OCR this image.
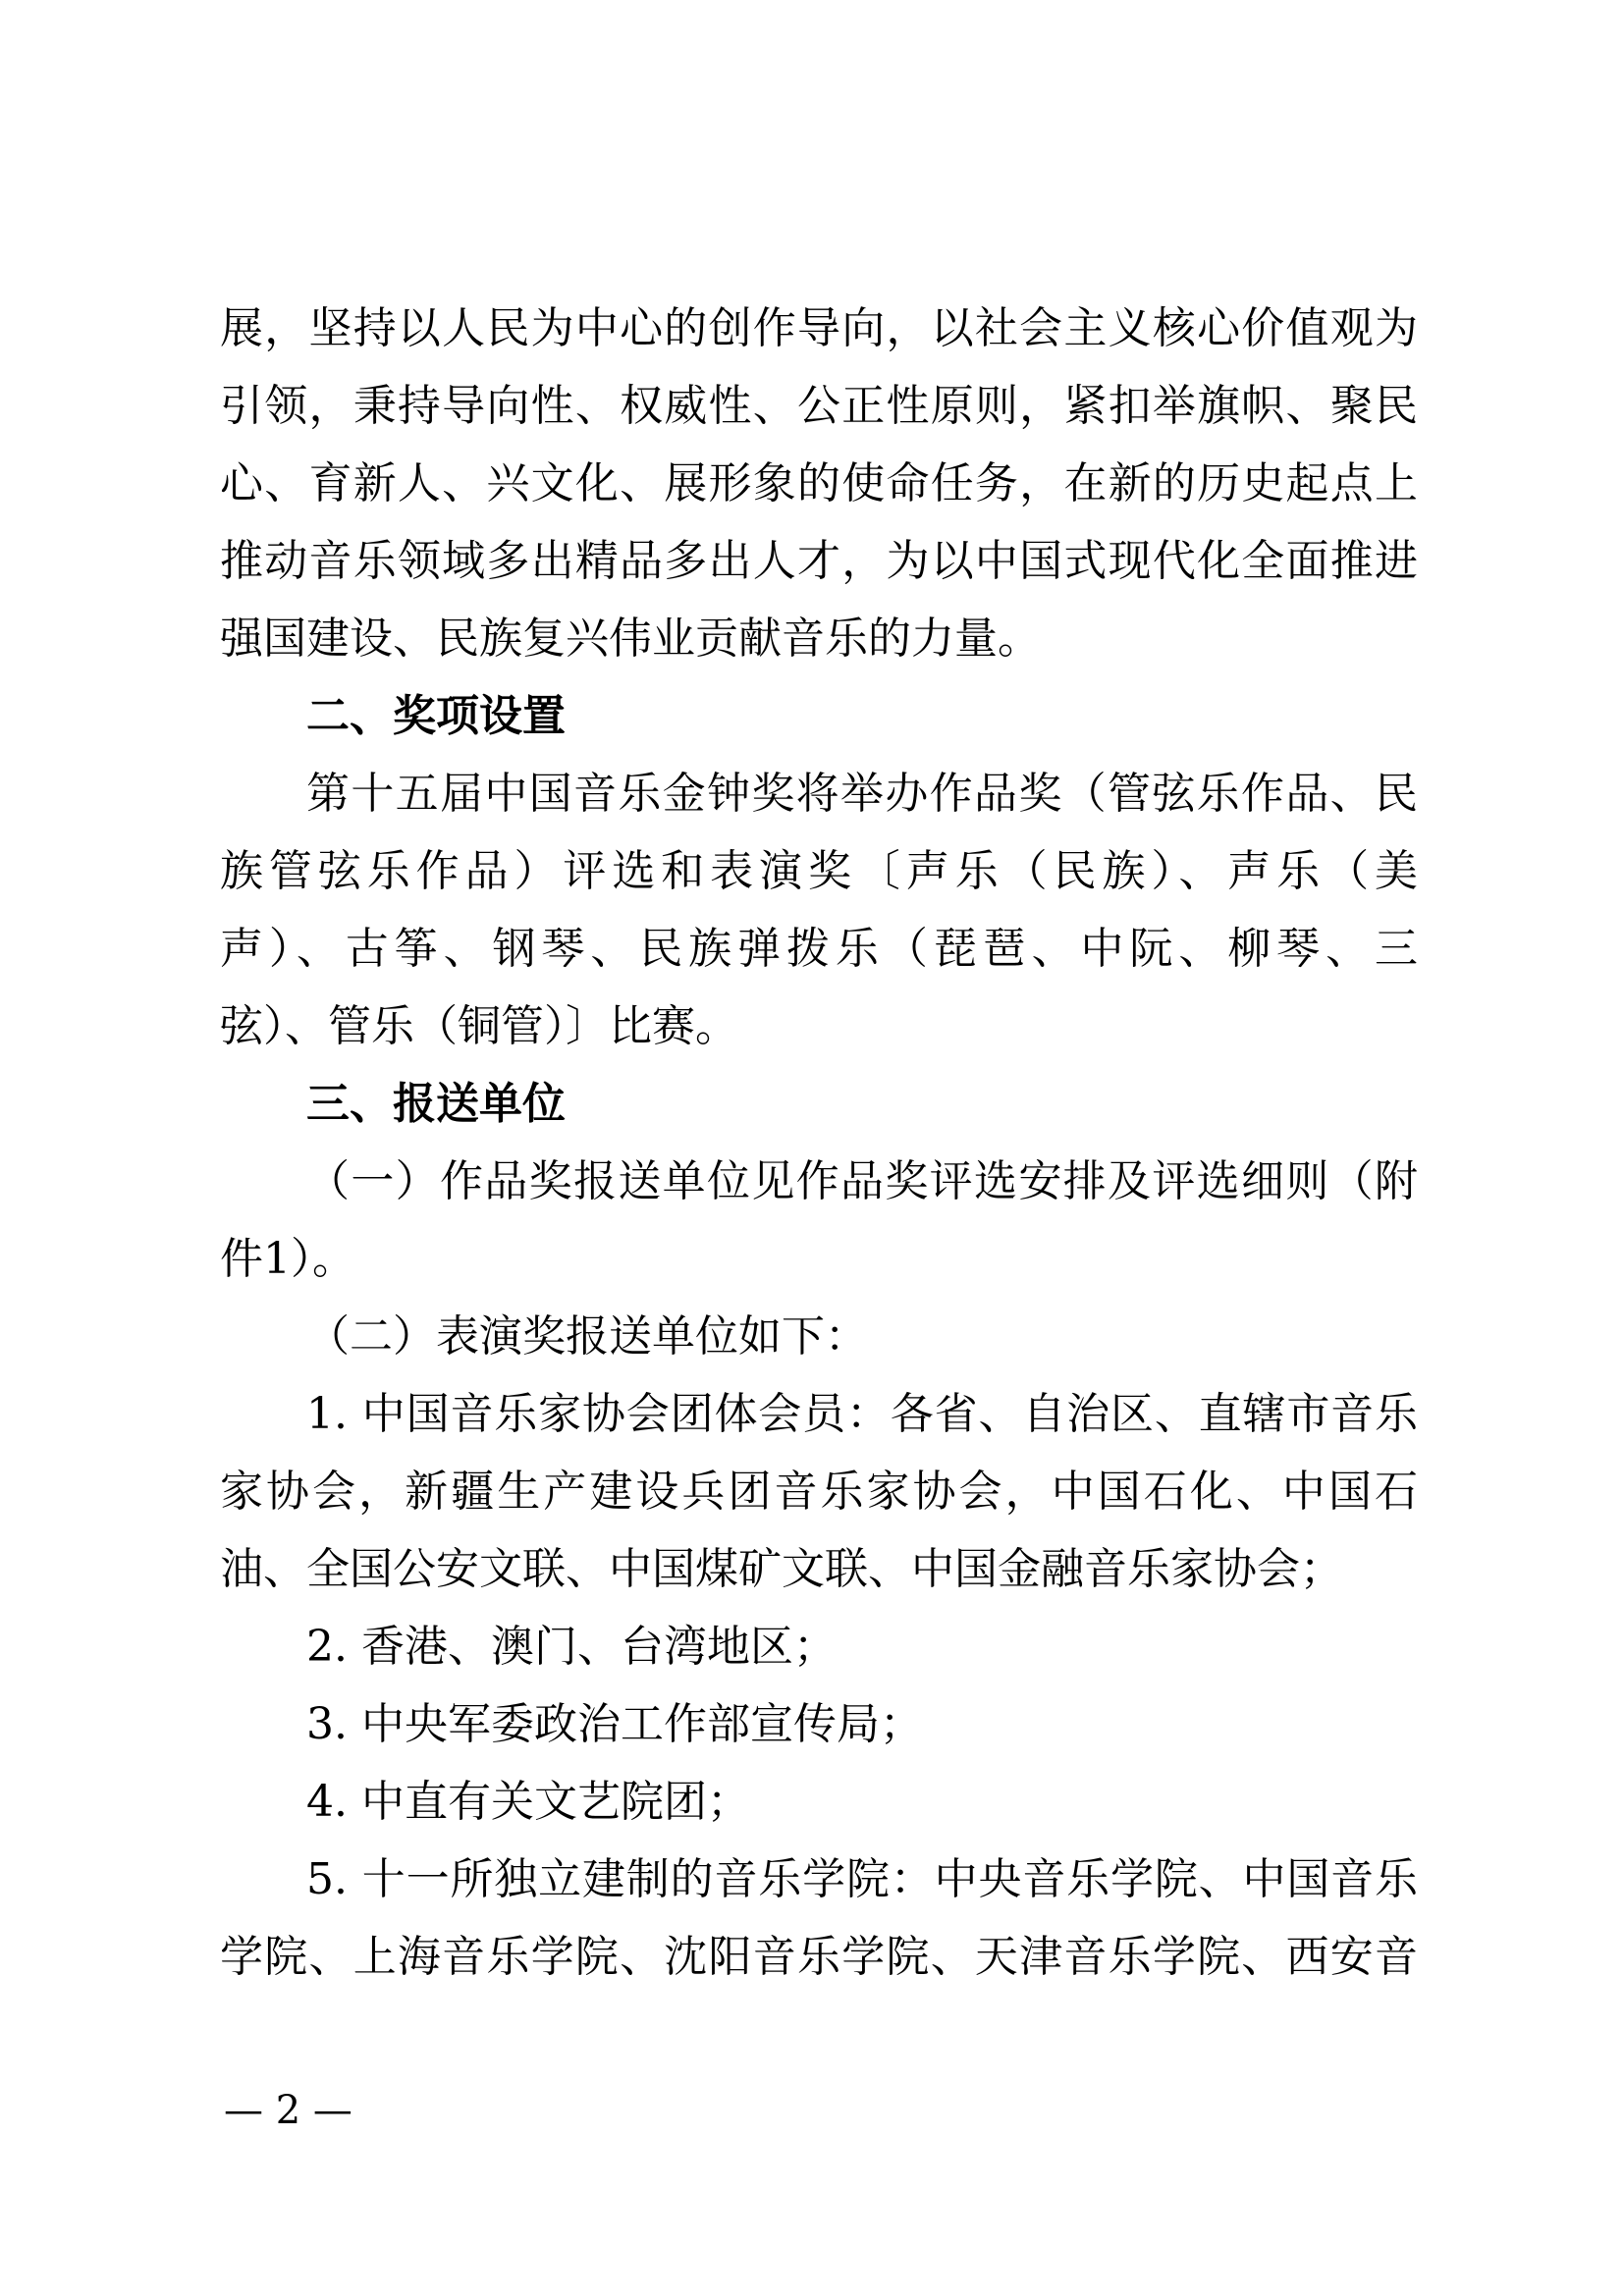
展，坚持以人民为中心的创作导向，以社会主义核心价值观为
引领，秉持导向性、权威性、公正性原则，紧扣举旗帜、聚民
心、育新人、兴文化、展形象的使命任务，在新的历史起点上
推动音乐领域多出精品多出人才，为以中国式现代化全面推进
强国建设、民族复兴伟业贡献音乐的力量。
二、奖项设置
第十五届中国音乐金钟奖将举办作品奖（管弦乐作品、民
族管弦乐作品）评选和表演奖〔声乐（民族）、声乐（美
声）、古筝、钢琴、民族弹拨乐（琵琶、中阮、柳琴、三
弦）、管乐（铜管）〕比赛。
三、报送单位
（一）作品奖报送单位见作品奖评选安排及评选细则（附
件1）。
（二）表演奖报送单位如下：
1. 中国音乐家协会团体会员：各省、自治区、直辖市音乐
家协会，新疆生产建设兵团音乐家协会，中国石化、中国石
油、全国公安文联、中国煤矿文联、中国金融音乐家协会；
2. 香港、澳门、台湾地区；
3. 中央军委政治工作部宣传局；
4. 中直有关文艺院团；
5. 十一所独立建制的音乐学院：中央音乐学院、中国音乐
学院、上海音乐学院、沈阳音乐学院、天津音乐学院、西安音
— 2 —
